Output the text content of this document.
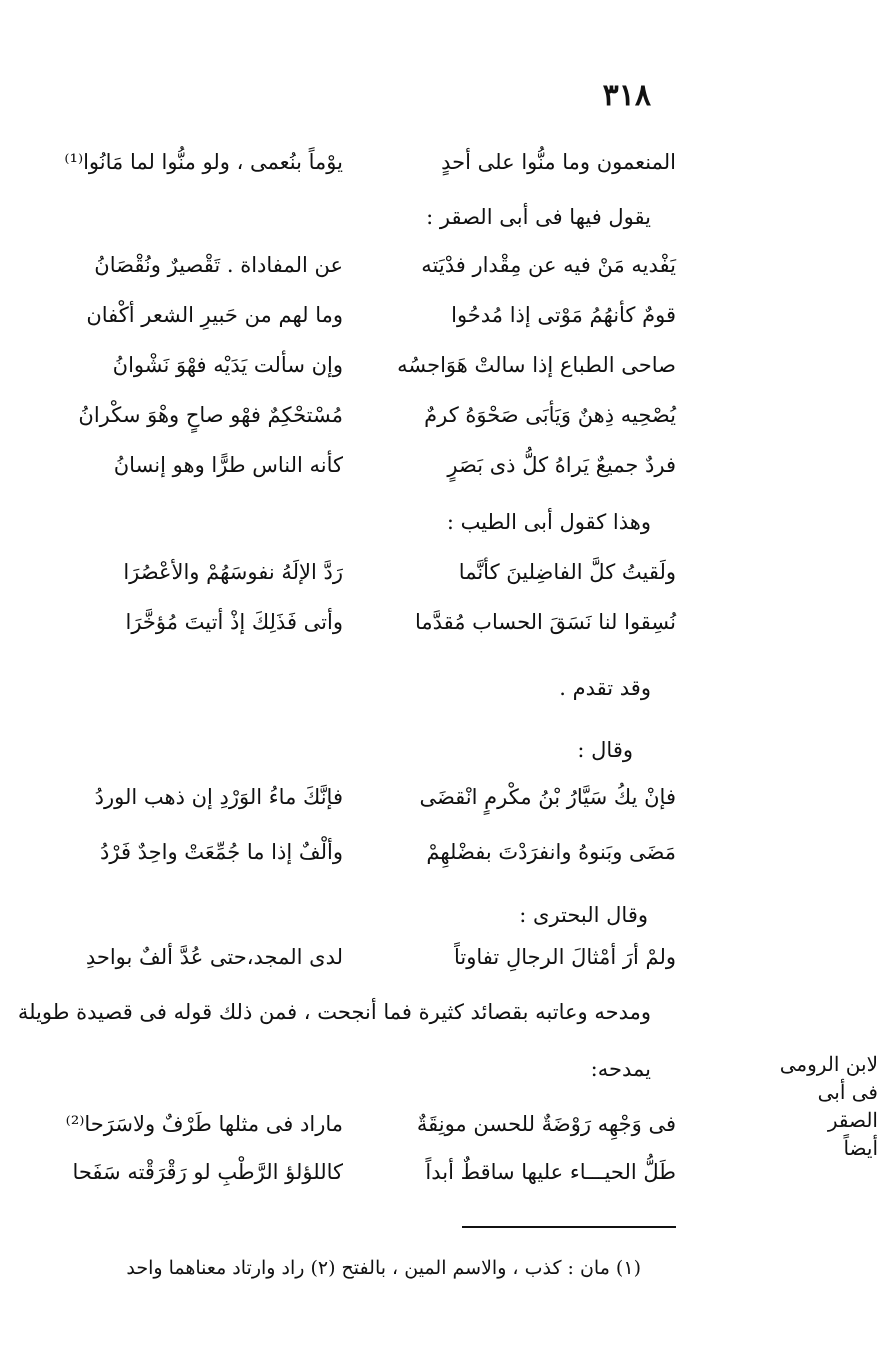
٣١٨
المنعمون وما منُّوا على أحدٍ
يوْماً بنُعمى ، ولو منُّوا لما مَانُوا⁽¹⁾
يقول فيها فى أبى الصقر :
يَفْديه مَنْ فيه عن مِقْدار فدْيَته
عن المفاداة . تَقْصيرٌ ونُقْصَانُ
قومٌ كأنهُمُ مَوْتى إذا مُدحُوا
وما لهم من حَبيرِ الشعر أكْفان
صاحى الطباع إذا سالتْ هَوَاجسُه
وإن سألت يَدَيْه فهْوَ نَشْوانُ
يُصْحِيه ذِهنٌ وَيَأبَى صَحْوَهُ كرمٌ
مُسْتحْكِمٌ فهْو صاحٍ وهْوَ سكْرانُ
فردٌ جميعٌ يَراهُ كلُّ ذى بَصَرٍ
كأنه الناس طرًّا وهو إنسانُ
وهذا كقول أبى الطيب :
ولَقيتُ كلَّ الفاضِلينَ كأنَّما
رَدَّ الإلَهُ نفوسَهُمْ والأعْصُرَا
نُسِقوا لنا نَسَقَ الحساب مُقدَّما
وأتى فَذَلِكَ إذْ أتيتَ مُؤخَّرَا
وقد تقدم .
وقال :
فإنْ يكُ سَيَّارُ بْنُ مكْرمٍ انْقضَى
فإنَّكَ ماءُ الوَرْدِ إن ذهب الوردُ
مَضَى وبَنوهُ وانفرَدْتَ بفضْلهِمْ
وألْفٌ إذا ما جُمِّعَتْ واحِدٌ فَرْدُ
وقال البحترى :
ولمْ أرَ أمْثالَ الرجالِ تفاوتاً
لدى المجد،حتى عُدَّ ألفٌ بواحدِ
ومدحه وعاتبه بقصائد كثيرة فما أنجحت ، فمن ذلك قوله فى قصيدة طويلة
يمدحه:	لابن الرومى
فى أبى الصقر
أيضاً
فى وَجْهِه رَوْضَةٌ للحسن مونِقَةٌ
ماراد فى مثلها طَرْفٌ ولاسَرَحا⁽²⁾
طَلُّ الحيـــاء عليها ساقطٌ أبداً
كاللؤلؤ الرَّطْبِ لو رَقْرَقْته سَفَحا
(١) مان : كذب ، والاسم المين ، بالفتح (٢) راد وارتاد معناهما واحد
